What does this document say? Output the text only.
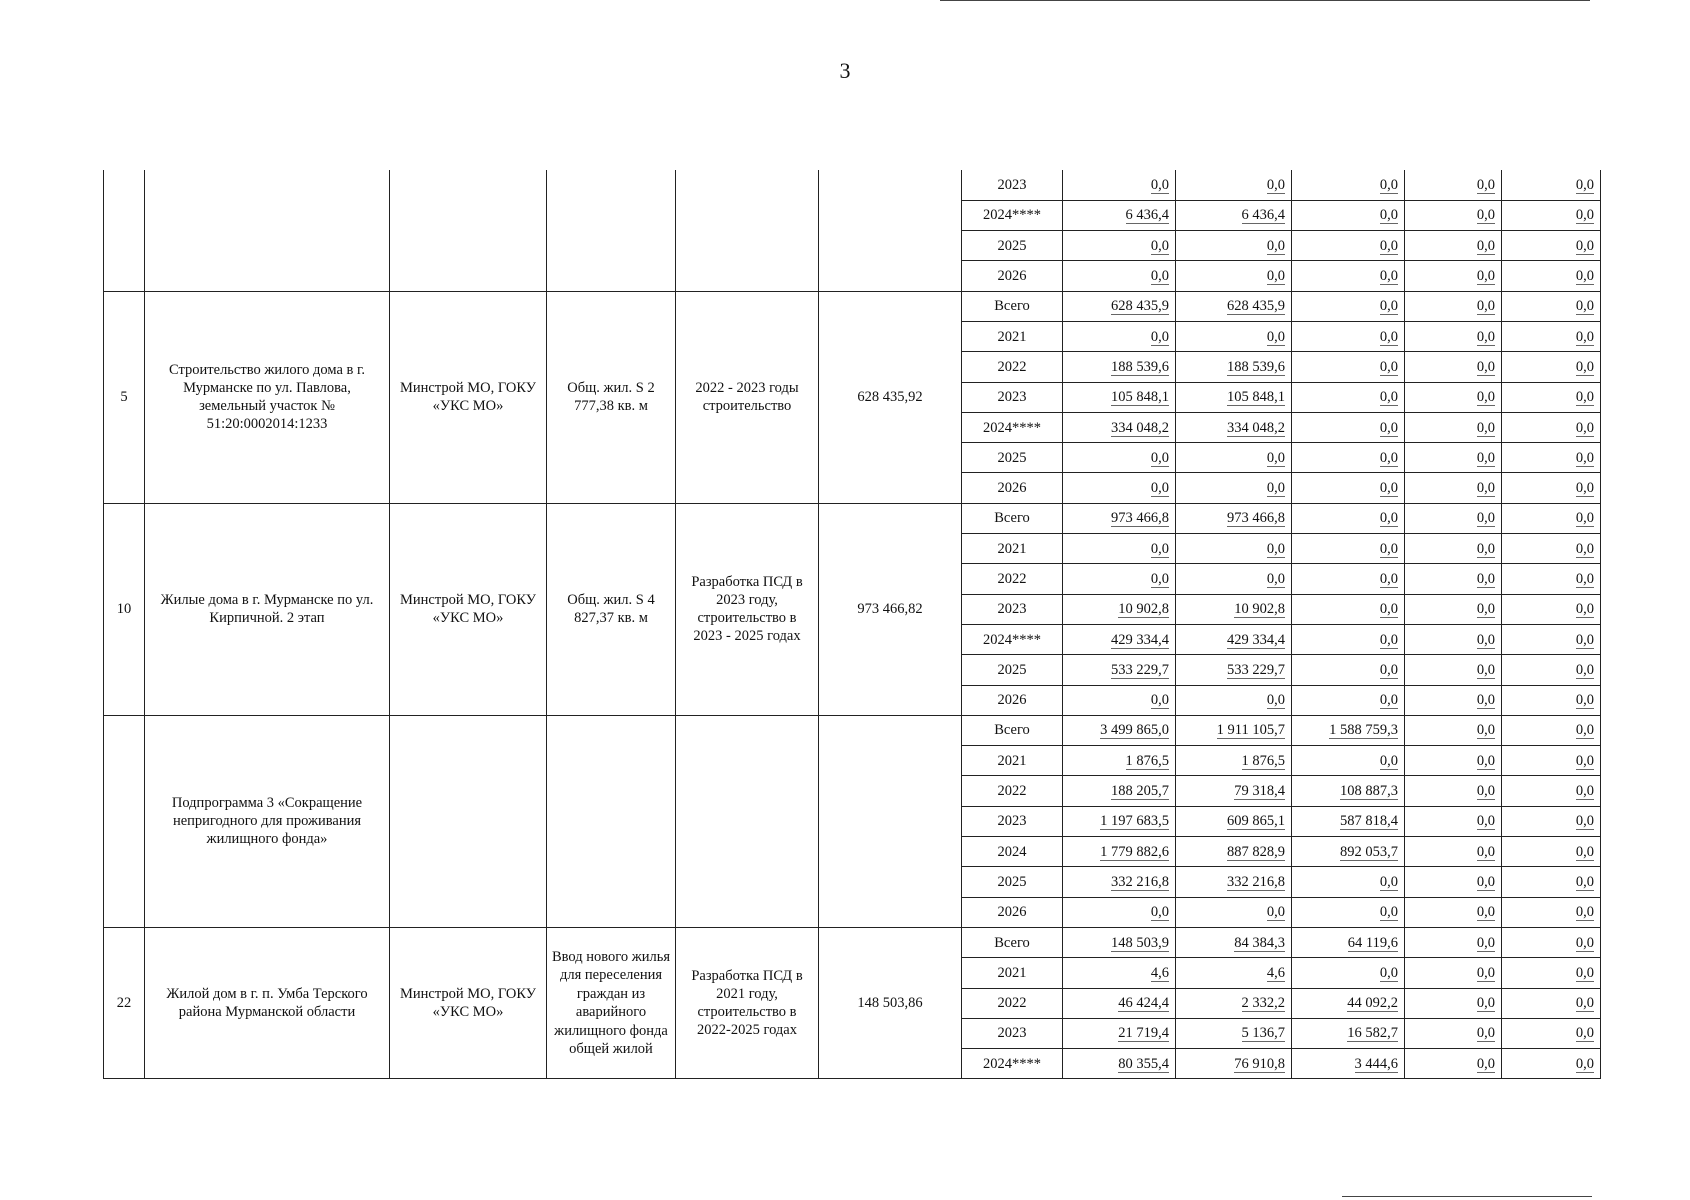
3
						2023	0,0	0,0	0,0	0,0	0,0
						2024****	6 436,4	6 436,4	0,0	0,0	0,0
						2025	0,0	0,0	0,0	0,0	0,0
						2026	0,0	0,0	0,0	0,0	0,0
5	Строительство жилого дома в г. Мурманске по ул. Павлова, земельный участок № 51:20:0002014:1233	Минстрой МО, ГОКУ «УКС МО»	Общ. жил. S 2 777,38 кв. м	2022 - 2023 годы строительство	628 435,92	Всего	628 435,9	628 435,9	0,0	0,0	0,0
						2021	0,0	0,0	0,0	0,0	0,0
						2022	188 539,6	188 539,6	0,0	0,0	0,0
						2023	105 848,1	105 848,1	0,0	0,0	0,0
						2024****	334 048,2	334 048,2	0,0	0,0	0,0
						2025	0,0	0,0	0,0	0,0	0,0
						2026	0,0	0,0	0,0	0,0	0,0
10	Жилые дома в г. Мурманске по ул. Кирпичной. 2 этап	Минстрой МО, ГОКУ «УКС МО»	Общ. жил. S 4 827,37 кв. м	Разработка ПСД в 2023 году, строительство в 2023 - 2025 годах	973 466,82	Всего	973 466,8	973 466,8	0,0	0,0	0,0
						2021	0,0	0,0	0,0	0,0	0,0
						2022	0,0	0,0	0,0	0,0	0,0
						2023	10 902,8	10 902,8	0,0	0,0	0,0
						2024****	429 334,4	429 334,4	0,0	0,0	0,0
						2025	533 229,7	533 229,7	0,0	0,0	0,0
						2026	0,0	0,0	0,0	0,0	0,0
	Подпрограмма 3 «Сокращение непригодного для проживания жилищного фонда»					Всего	3 499 865,0	1 911 105,7	1 588 759,3	0,0	0,0
						2021	1 876,5	1 876,5	0,0	0,0	0,0
						2022	188 205,7	79 318,4	108 887,3	0,0	0,0
						2023	1 197 683,5	609 865,1	587 818,4	0,0	0,0
						2024	1 779 882,6	887 828,9	892 053,7	0,0	0,0
						2025	332 216,8	332 216,8	0,0	0,0	0,0
						2026	0,0	0,0	0,0	0,0	0,0
22	Жилой дом в г. п. Умба Терского района Мурманской области	Минстрой МО, ГОКУ «УКС МО»	Ввод нового жилья для переселения граждан из аварийного жилищного фонда общей жилой	Разработка ПСД в 2021 году, строительство в 2022-2025 годах	148 503,86	Всего	148 503,9	84 384,3	64 119,6	0,0	0,0
						2021	4,6	4,6	0,0	0,0	0,0
						2022	46 424,4	2 332,2	44 092,2	0,0	0,0
						2023	21 719,4	5 136,7	16 582,7	0,0	0,0
						2024****	80 355,4	76 910,8	3 444,6	0,0	0,0
